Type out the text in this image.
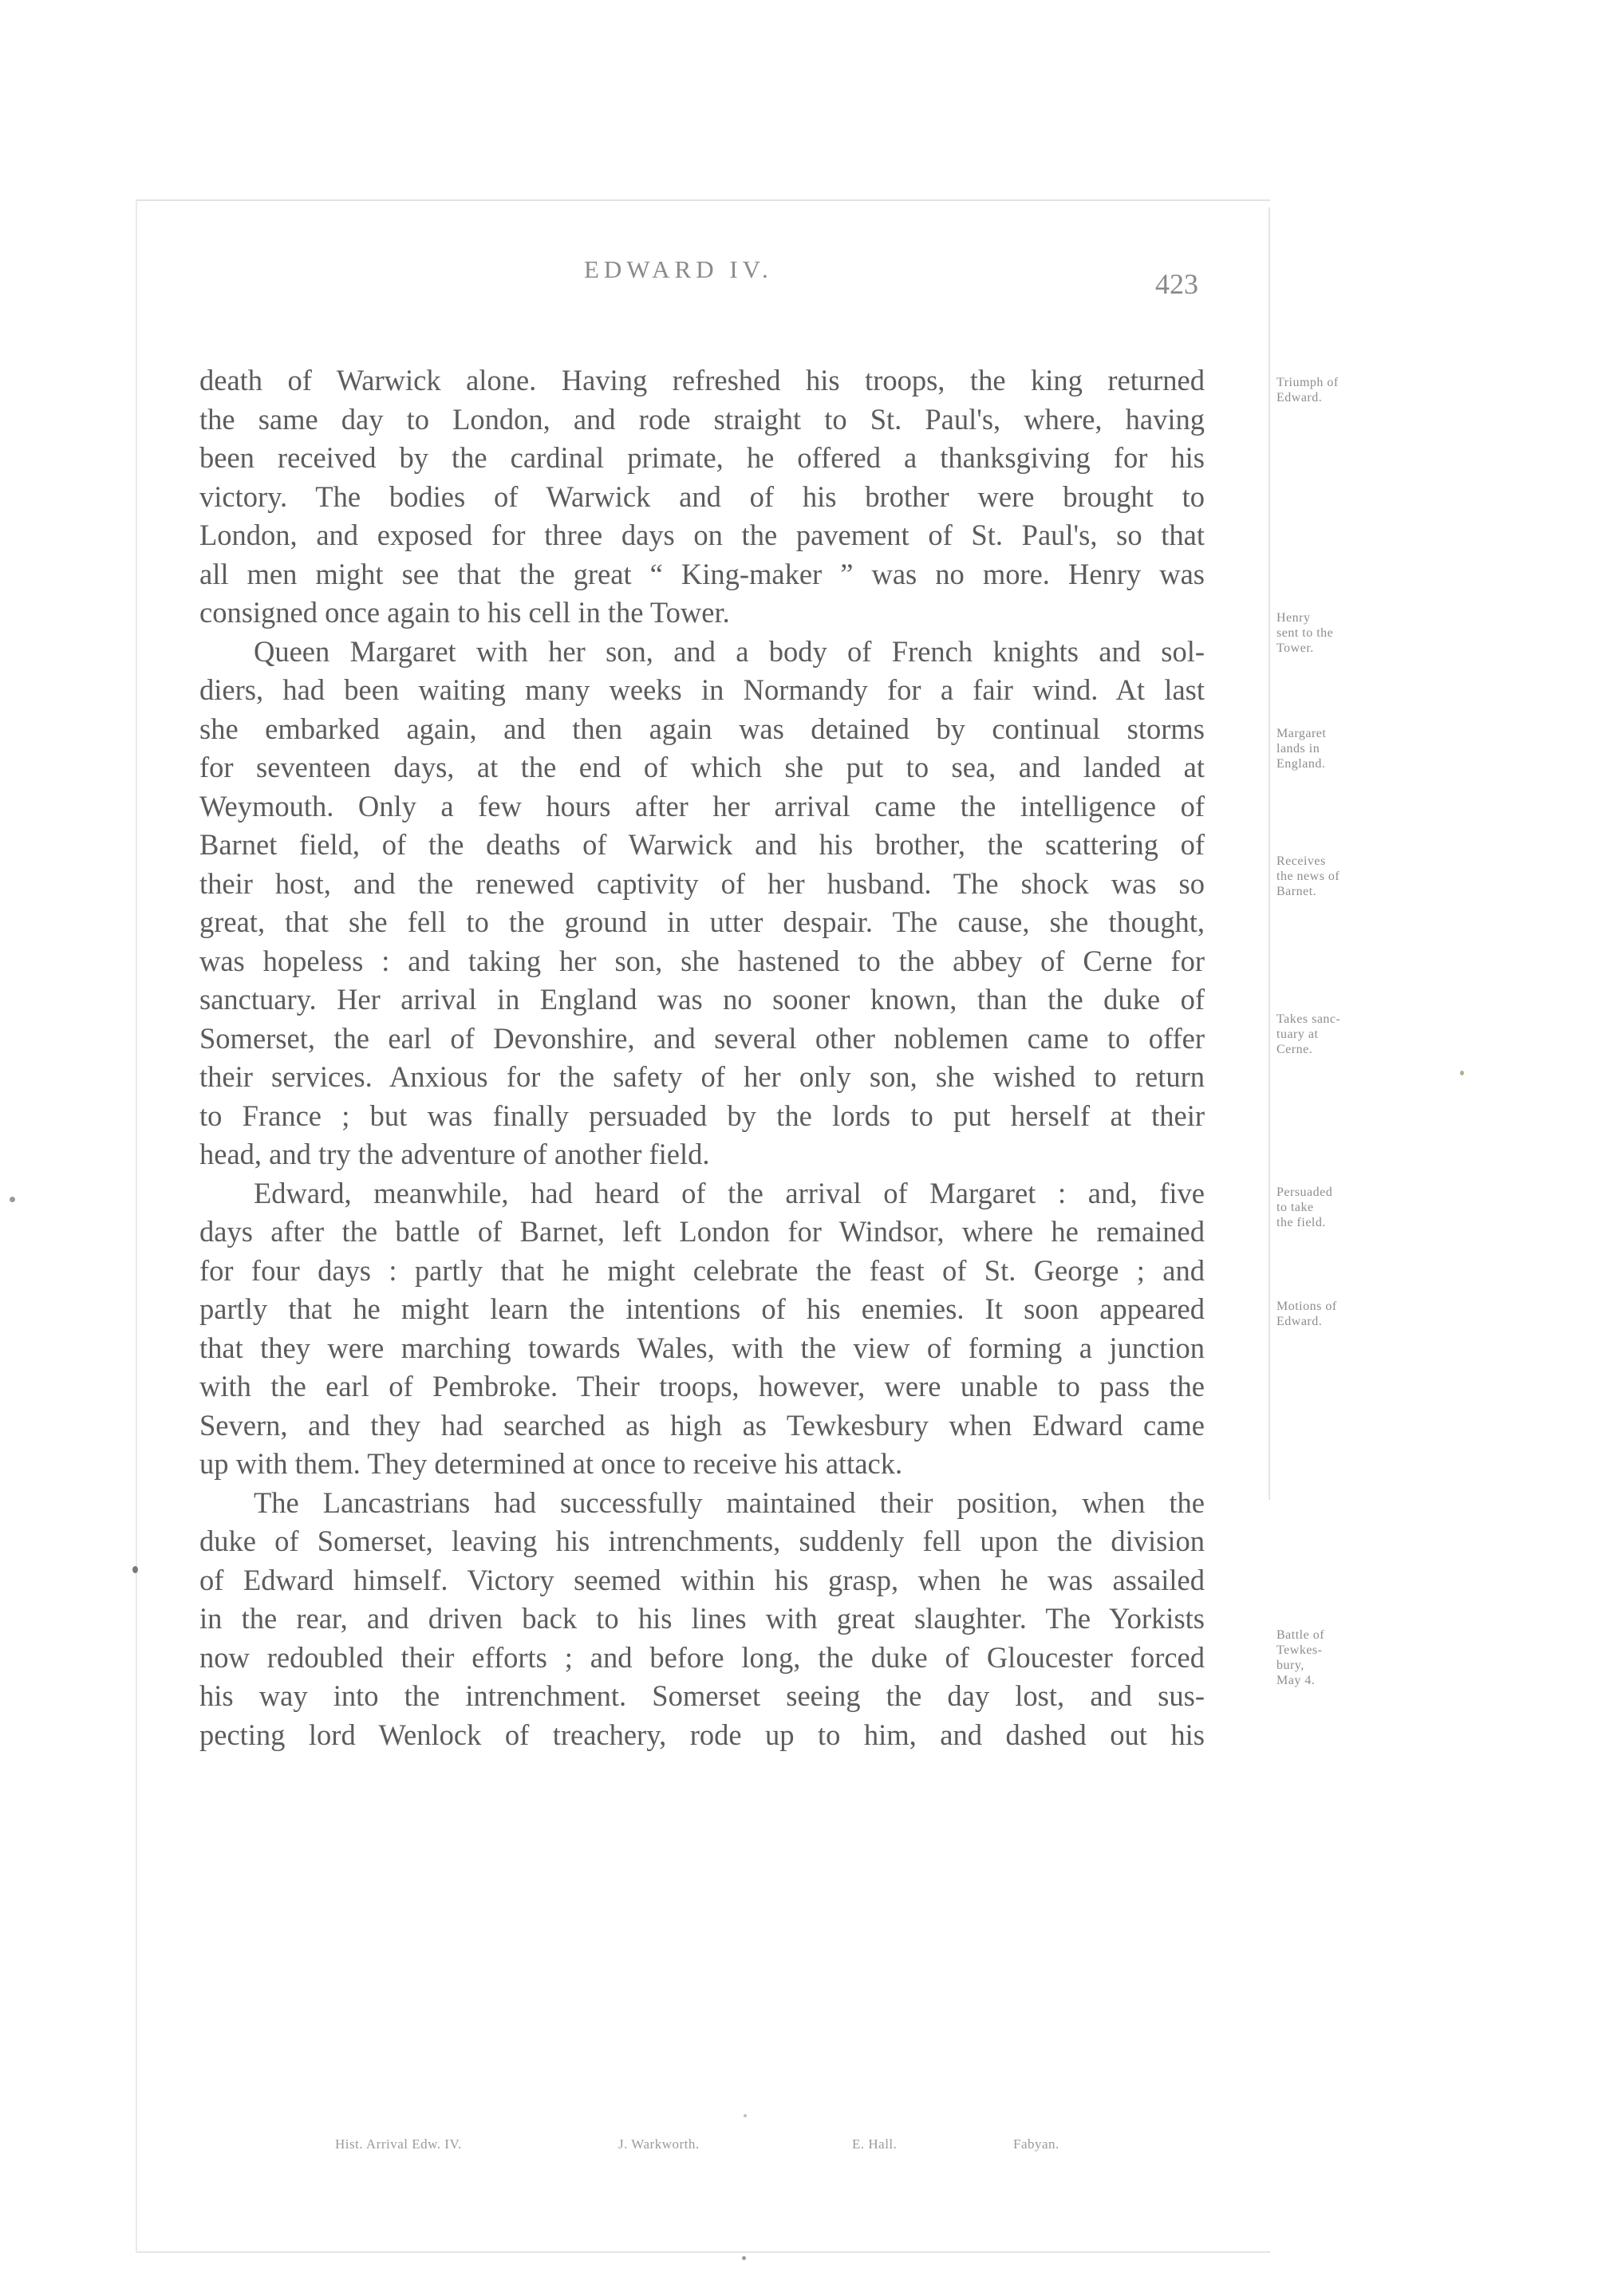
EDWARD IV.	423
death of Warwick alone. Having refreshed his troops, the king returned
the same day to London, and rode straight to St. Paul's, where, having
been received by the cardinal primate, he offered a thanksgiving for his
victory. The bodies of Warwick and of his brother were brought to
London, and exposed for three days on the pavement of St. Paul's, so that
all men might see that the great “ King-maker ” was no more. Henry was
consigned once again to his cell in the Tower.
Queen Margaret with her son, and a body of French knights and sol-
diers, had been waiting many weeks in Normandy for a fair wind. At last
she embarked again, and then again was detained by continual storms
for seventeen days, at the end of which she put to sea, and landed at
Weymouth. Only a few hours after her arrival came the intelligence of
Barnet field, of the deaths of Warwick and his brother, the scattering of
their host, and the renewed captivity of her husband. The shock was so
great, that she fell to the ground in utter despair. The cause, she thought,
was hopeless : and taking her son, she hastened to the abbey of Cerne for
sanctuary. Her arrival in England was no sooner known, than the duke of
Somerset, the earl of Devonshire, and several other noblemen came to offer
their services. Anxious for the safety of her only son, she wished to return
to France ; but was finally persuaded by the lords to put herself at their
head, and try the adventure of another field.
Edward, meanwhile, had heard of the arrival of Margaret : and, five
days after the battle of Barnet, left London for Windsor, where he remained
for four days : partly that he might celebrate the feast of St. George ; and
partly that he might learn the intentions of his enemies. It soon appeared
that they were marching towards Wales, with the view of forming a junction
with the earl of Pembroke. Their troops, however, were unable to pass the
Severn, and they had searched as high as Tewkesbury when Edward came
up with them. They determined at once to receive his attack.
The Lancastrians had successfully maintained their position, when the
duke of Somerset, leaving his intrenchments, suddenly fell upon the division
of Edward himself. Victory seemed within his grasp, when he was assailed
in the rear, and driven back to his lines with great slaughter. The Yorkists
now redoubled their efforts ; and before long, the duke of Gloucester forced
his way into the intrenchment. Somerset seeing the day lost, and sus-
pecting lord Wenlock of treachery, rode up to him, and dashed out his
Triumph of
Edward.
Henry
sent to the
Tower.
Margaret
lands in
England.
Receives
the news of
Barnet.
Takes sanc-
tuary at
Cerne.
Persuaded
to take
the field.
Motions of
Edward.
Battle of
Tewkes-
bury,
May 4.
Hist. Arrival Edw. IV.	J. Warkworth.	E. Hall.	Fabyan.
